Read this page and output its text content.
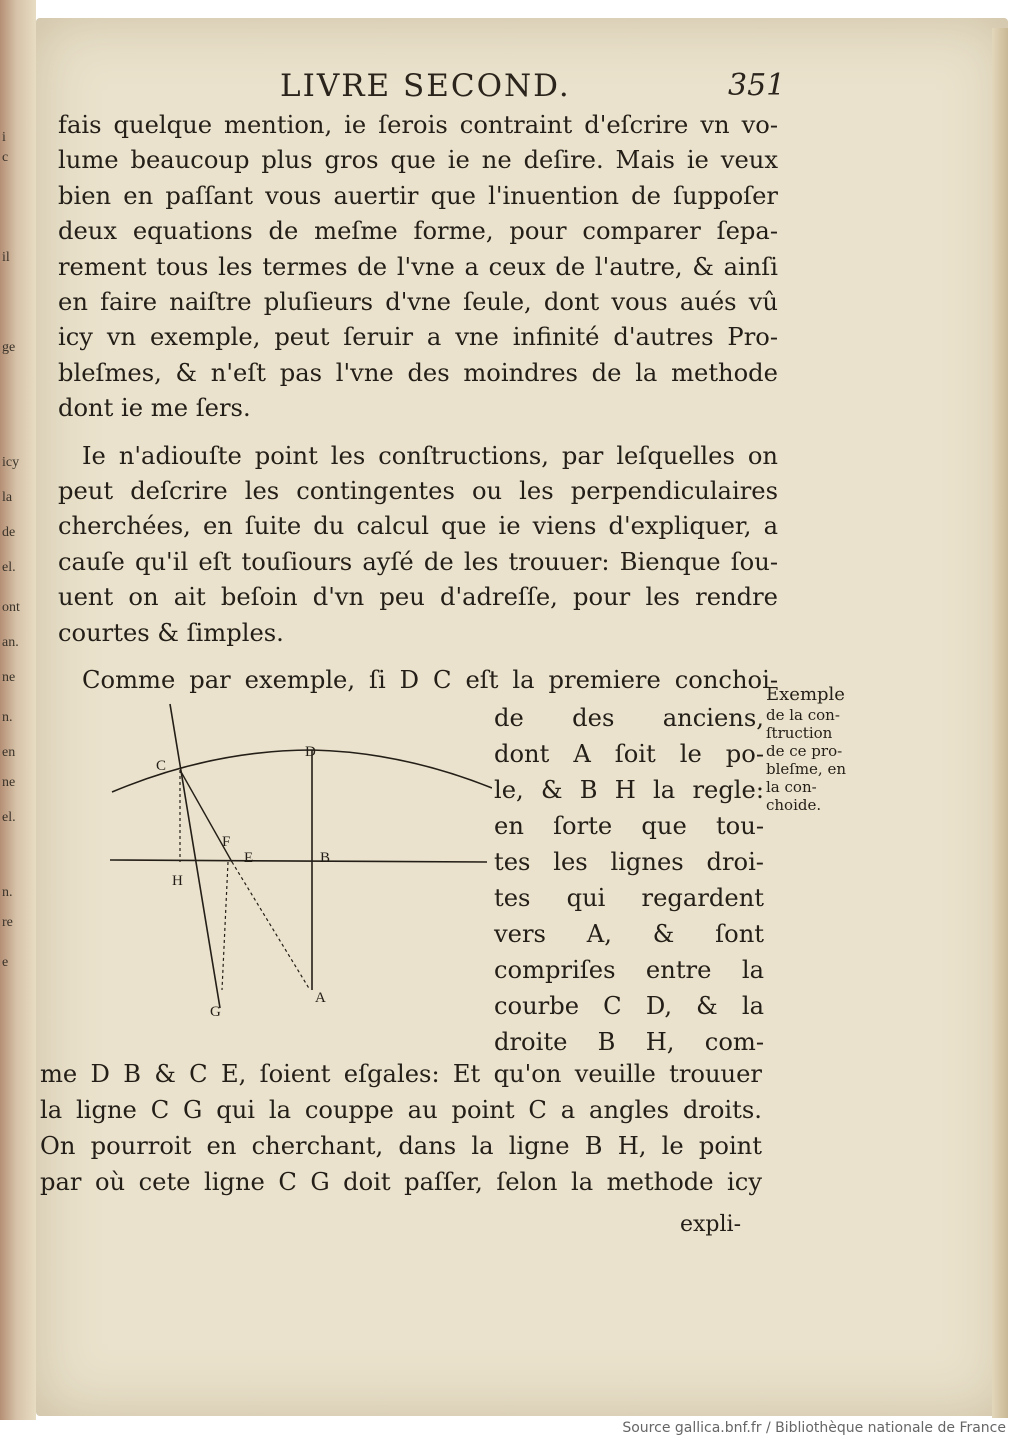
i
c
il
ge
icy
la
de
el.
ont
an.
ne
n.
en
ne
el.
n.
re
e
LIVRE SECOND.	351
fais quelque mention, ie ſerois contraint d'eſcrire vn vo-
lume beaucoup plus gros que ie ne deſire. Mais ie veux
bien en paſſant vous auertir que l'inuention de ſuppoſer
deux equations de meſme forme, pour comparer ſepa-
rement tous les termes de l'vne a ceux de l'autre, & ainſi
en faire naiſtre pluſieurs d'vne ſeule, dont vous aués vû
icy vn exemple, peut ſeruir a vne infinité d'autres Pro-
bleſmes, & n'eſt pas l'vne des moindres de la methode
dont ie me ſers.
Ie n'adiouſte point les conſtructions, par leſquelles on
peut deſcrire les contingentes ou les perpendiculaires
cherchées, en ſuite du calcul que ie viens d'expliquer, a
cauſe qu'il eſt touſiours ayſé de les trouuer: Bienque ſou-
uent on ait beſoin d'vn peu d'adreſſe, pour les rendre
courtes & ſimples.
Comme par exemple, ſi D C eſt la premiere conchoi-
C
D
F
E	B
H
G
A
de des anciens,
dont A ſoit le po-
le, & B H la regle:
en ſorte que tou-
tes les lignes droi-
tes qui regardent
vers A, & ſont
compriſes entre la
courbe C D, & la
droite B H, com-
me D B & C E, ſoient eſgales: Et qu'on veuille trouuer
la ligne C G qui la couppe au point C a angles droits.
On pourroit en cherchant, dans la ligne B H, le point
par où cete ligne C G doit paſſer, ſelon la methode icy
expli-
Exemple
de la con-
ſtruction
de ce pro-
bleſme, en
la con-
choide.
Source gallica.bnf.fr / Bibliothèque nationale de France
